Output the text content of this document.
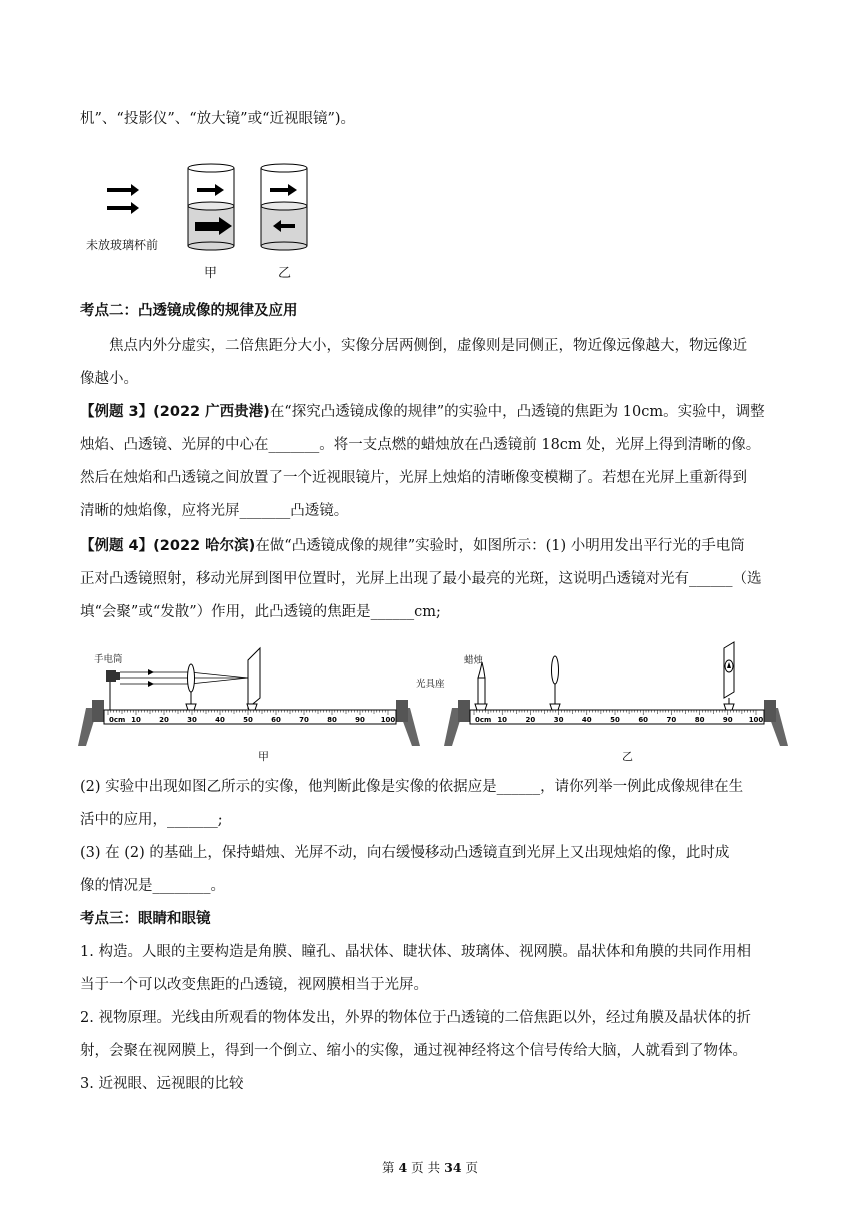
机”、“投影仪”、“放大镜”或“近视眼镜”)。

未放玻璃杯前
甲	乙

考点二：凸透镜成像的规律及应用

焦点内外分虚实，二倍焦距分大小，实像分居两侧倒，虚像则是同侧正，物近像远像越大，物远像近

像越小。

【例题 3】(2022 广西贵港)在“探究凸透镜成像的规律”的实验中，凸透镜的焦距为 10cm。实验中，调整

烛焰、凸透镜、光屏的中心在_______。将一支点燃的蜡烛放在凸透镜前 18cm 处，光屏上得到清晰的像。

然后在烛焰和凸透镜之间放置了一个近视眼镜片，光屏上烛焰的清晰像变模糊了。若想在光屏上重新得到

清晰的烛焰像，应将光屏_______凸透镜。

【例题 4】(2022 哈尔滨)在做“凸透镜成像的规律”实验时，如图所示：(1) 小明用发出平行光的手电筒

正对凸透镜照射，移动光屏到图甲位置时，光屏上出现了最小最亮的光斑，这说明凸透镜对光有______（选

填“会聚”或“发散”）作用，此凸透镜的焦距是______cm;

0cm 10	20	30	40	50	60	70	80	90 100	0cm 10	20	30	40	50	60	70	80	90 100
手电筒	蜡烛
光具座
甲	乙

(2) 实验中出现如图乙所示的实像，他判断此像是实像的依据应是______，请你列举一例此成像规律在生

活中的应用，_______;

(3) 在 (2) 的基础上，保持蜡烛、光屏不动，向右缓慢移动凸透镜直到光屏上又出现烛焰的像，此时成

像的情况是________。

考点三：眼睛和眼镜

1. 构造。人眼的主要构造是角膜、瞳孔、晶状体、睫状体、玻璃体、视网膜。晶状体和角膜的共同作用相

当于一个可以改变焦距的凸透镜，视网膜相当于光屏。

2. 视物原理。光线由所观看的物体发出，外界的物体位于凸透镜的二倍焦距以外，经过角膜及晶状体的折

射，会聚在视网膜上，得到一个倒立、缩小的实像，通过视神经将这个信号传给大脑，人就看到了物体。

3. 近视眼、远视眼的比较

第 4 页 共 34 页
